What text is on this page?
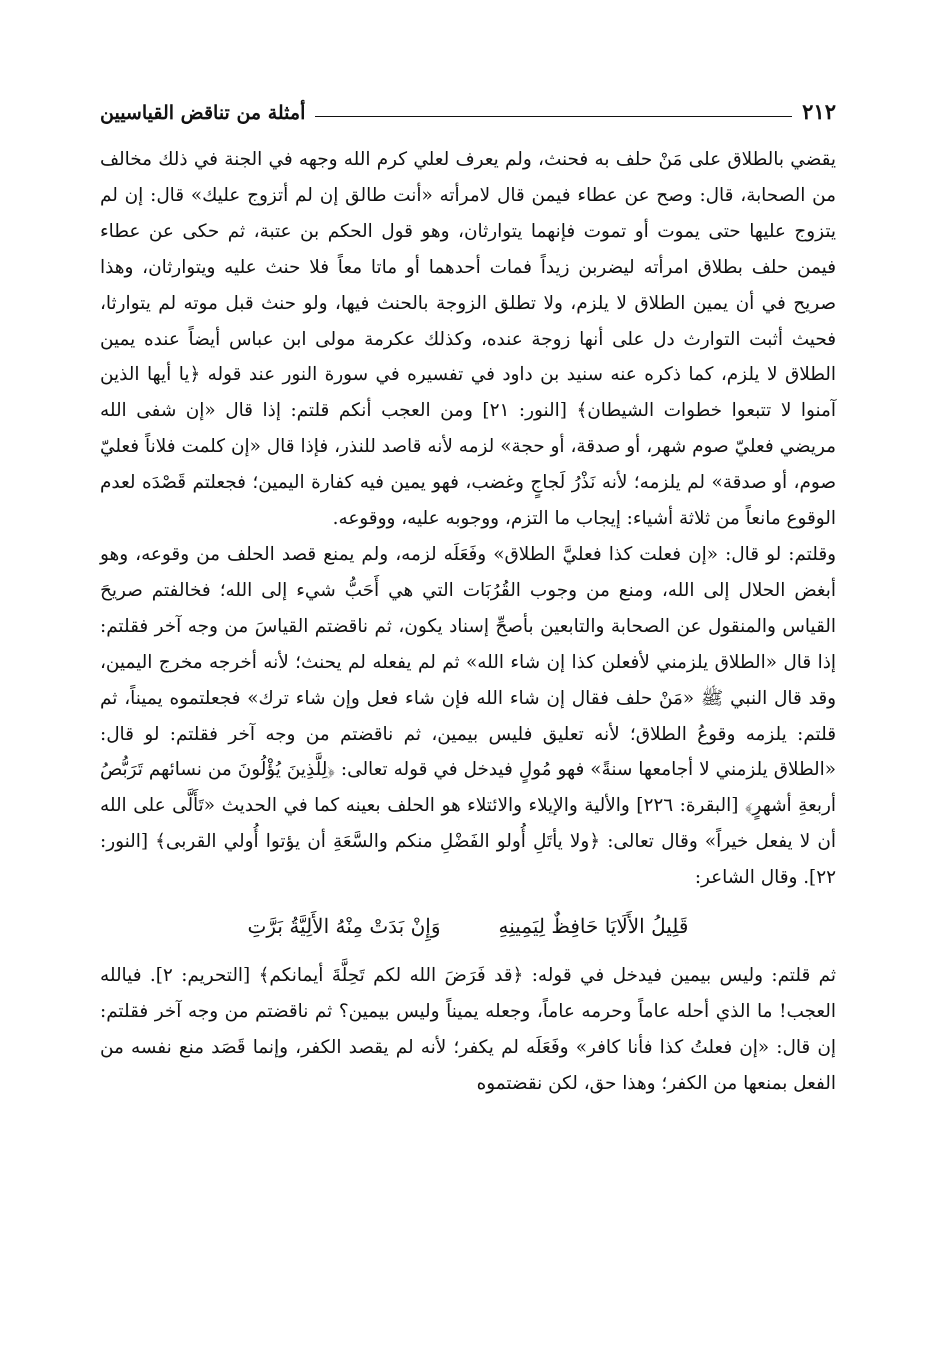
٢١٢
أمثلة من تناقض القياسيين

يقضي بالطلاق على مَنْ حلف به فحنث، ولم يعرف لعلي كرم الله وجهه في الجنة في ذلك مخالف من الصحابة، قال: وصح عن عطاء فيمن قال لامرأته «أنت طالق إن لم أتزوج عليك» قال: إن لم يتزوج عليها حتى يموت أو تموت فإنهما يتوارثان، وهو قول الحكم بن عتبة، ثم حكى عن عطاء فيمن حلف بطلاق امرأته ليضربن زيداً فمات أحدهما أو ماتا معاً فلا حنث عليه ويتوارثان، وهذا صريح في أن يمين الطلاق لا يلزم، ولا تطلق الزوجة بالحنث فيها، ولو حنث قبل موته لم يتوارثا، فحيث أثبت التوارث دل على أنها زوجة عنده، وكذلك عكرمة مولى ابن عباس أيضاً عنده يمين الطلاق لا يلزم، كما ذكره عنه سنيد بن داود في تفسيره في سورة النور عند قوله ﴿يا أيها الذين آمنوا لا تتبعوا خطوات الشيطان﴾ [النور: ٢١] ومن العجب أنكم قلتم: إذا قال «إن شفى الله مريضي فعليّ صوم شهر، أو صدقة، أو حجة» لزمه لأنه قاصد للنذر، فإذا قال «إن كلمت فلاناً فعليّ صوم، أو صدقة» لم يلزمه؛ لأنه نَذْرُ لَجاجٍ وغضب، فهو يمين فيه كفارة اليمين؛ فجعلتم قَصْدَه لعدم الوقوع مانعاً من ثلاثة أشياء: إيجاب ما التزم، ووجوبه عليه، ووقوعه.

وقلتم: لو قال: «إن فعلت كذا فعليَّ الطلاق» وفَعَلَه لزمه، ولم يمنع قصد الحلف من وقوعه، وهو أبغض الحلال إلى الله، ومنع من وجوب القُرُبَات التي هي أَحَبُّ شيء إلى الله؛ فخالفتم صريحَ القياس والمنقول عن الصحابة والتابعين بأصحِّ إسناد يكون، ثم ناقضتم القياسَ من وجه آخر فقلتم: إذا قال «الطلاق يلزمني لأفعلن كذا إن شاء الله» ثم لم يفعله لم يحنث؛ لأنه أخرجه مخرج اليمين، وقد قال النبي ﷺ «مَنْ حلف فقال إن شاء الله فإن شاء فعل وإن شاء ترك» فجعلتموه يميناً، ثم قلتم: يلزمه وقوعُ الطلاق؛ لأنه تعليق فليس بيمين، ثم ناقضتم من وجه آخر فقلتم: لو قال: «الطلاق يلزمني لا أجامعها سنةً» فهو مُولٍ فيدخل في قوله تعالى: ﴿لِلَّذِينَ يُؤْلُونَ من نسائهم تَرَبُّصُ أربعةِ أشهرٍ﴾ [البقرة: ٢٢٦] والألية والإيلاء والائتلاء هو الحلف بعينه كما في الحديث «تَأَلَّى على الله أن لا يفعل خيراً» وقال تعالى: ﴿ولا يأتَلِ أُولو الفَضْلِ منكم والسَّعَةِ أن يؤتوا أُولي القربى﴾ [النور: ٢٢]. وقال الشاعر:

قَلِيلُ الأَلَايَا حَافِظٌ لِيَمِينِهِ
وَإِنْ بَدَتْ مِنْهُ الأَلِيَّةُ بَرَّتِ

ثم قلتم: وليس بيمين فيدخل في قوله: ﴿قد فَرَضَ الله لكم تَحِلَّةَ أيمانكم﴾ [التحريم: ٢]. فيالله العجب! ما الذي أحله عاماً وحرمه عاماً، وجعله يميناً وليس بيمين؟ ثم ناقضتم من وجه آخر فقلتم: إن قال: «إن فعلتُ كذا فأنا كافر» وفَعَلَه لم يكفر؛ لأنه لم يقصد الكفر، وإنما قَصَد منع نفسه من الفعل بمنعها من الكفر؛ وهذا حق، لكن نقضتموه
